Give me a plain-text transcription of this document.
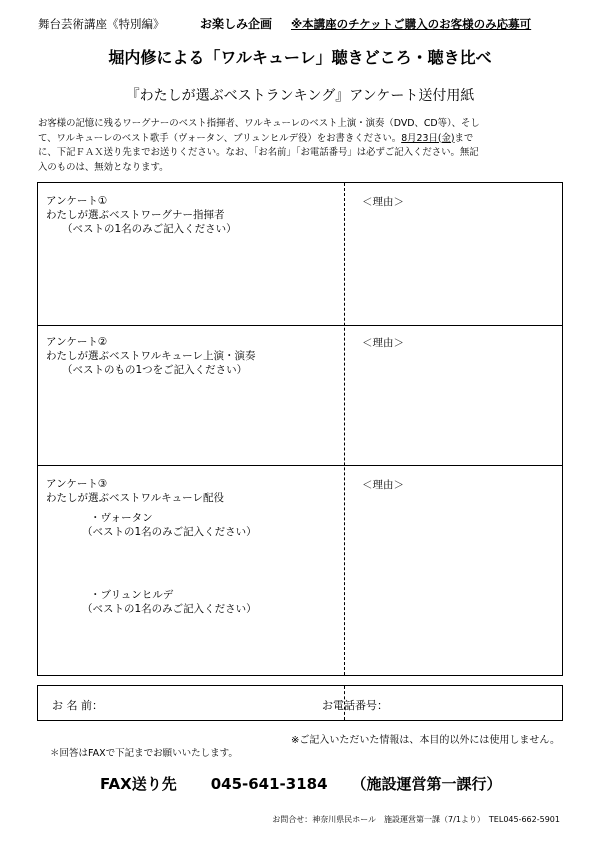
舞台芸術講座《特別編》	お楽しみ企画 ※本講座のチケットご購入のお客様のみ応募可
堀内修による「ワルキューレ」聴きどころ・聴き比べ
『わたしが選ぶベストランキング』アンケート送付用紙
お客様の記憶に残るワーグナーのベスト指揮者、ワルキューレのベスト上演・演奏（DVD、CD等）、そし
て、ワルキューレのベスト歌手（ヴォータン、ブリュンヒルデ役）をお書きください。8月23日(金)まで
に、下記ＦＡＸ送り先までお送りください。なお、「お名前」「お電話番号」は必ずご記入ください。無記
入のものは、無効となります。
アンケート①
わたしが選ぶベストワーグナー指揮者
（ベストの1名のみご記入ください）
＜理由＞
アンケート②
わたしが選ぶベストワルキューレ上演・演奏
（ベストのもの1つをご記入ください）
＜理由＞
アンケート③
わたしが選ぶベストワルキューレ配役
・ヴォータン
（ベストの1名のみご記入ください）
・ブリュンヒルデ
（ベストの1名のみご記入ください）
＜理由＞
お 名 前：	お電話番号：
※ご記入いただいた情報は、本目的以外には使用しません。
＊回答はFAXで下記までお願いいたします。
FAX送り先 045-641-3184 （施設運営第一課行）
お問合せ：神奈川県民ホール　施設運営第一課（7/1より）　TEL045-662-5901
